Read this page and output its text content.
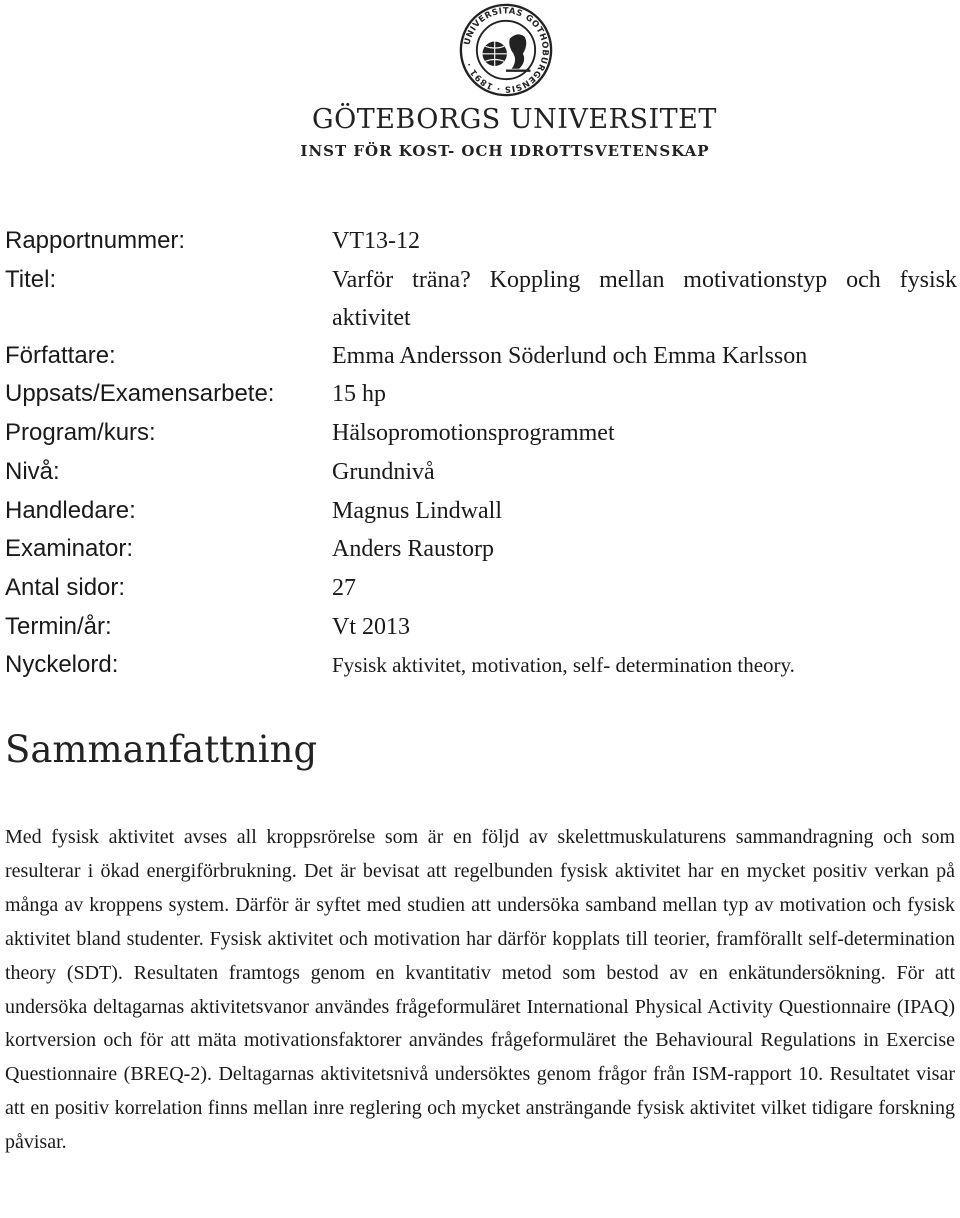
UNIVERSITAS GOTHOBURGENSIS · 1891 ·
GÖTEBORGS UNIVERSITET
INST FÖR KOST- OCH IDROTTSVETENSKAP
Rapportnummer:	VT13-12
Titel:	Varför träna? Koppling mellan motivationstyp och fysisk aktivitet
Författare:	Emma Andersson Söderlund och Emma Karlsson
Uppsats/Examensarbete:	15 hp
Program/kurs:	Hälsopromotionsprogrammet
Nivå:	Grundnivå
Handledare:	Magnus Lindwall
Examinator:	Anders Raustorp
Antal sidor:	27
Termin/år:	Vt 2013
Nyckelord:	Fysisk aktivitet, motivation, self- determination theory.
Sammanfattning

Med fysisk aktivitet avses all kroppsrörelse som är en följd av skelettmuskulaturens sammandragning och som resulterar i ökad energiförbrukning. Det är bevisat att regelbunden fysisk aktivitet har en mycket positiv verkan på många av kroppens system. Därför är syftet med studien att undersöka samband mellan typ av motivation och fysisk aktivitet bland studenter. Fysisk aktivitet och motivation har därför kopplats till teorier, framförallt self-determination theory (SDT). Resultaten framtogs genom en kvantitativ metod som bestod av en enkätundersökning. För att undersöka deltagarnas aktivitetsvanor användes frågeformuläret International Physical Activity Questionnaire (IPAQ) kortversion och för att mäta motivationsfaktorer användes frågeformuläret the Behavioural Regulations in Exercise Questionnaire (BREQ-2). Deltagarnas aktivitetsnivå undersöktes genom frågor från ISM-rapport 10. Resultatet visar att en positiv korrelation finns mellan inre reglering och mycket ansträngande fysisk aktivitet vilket tidigare forskning påvisar.
